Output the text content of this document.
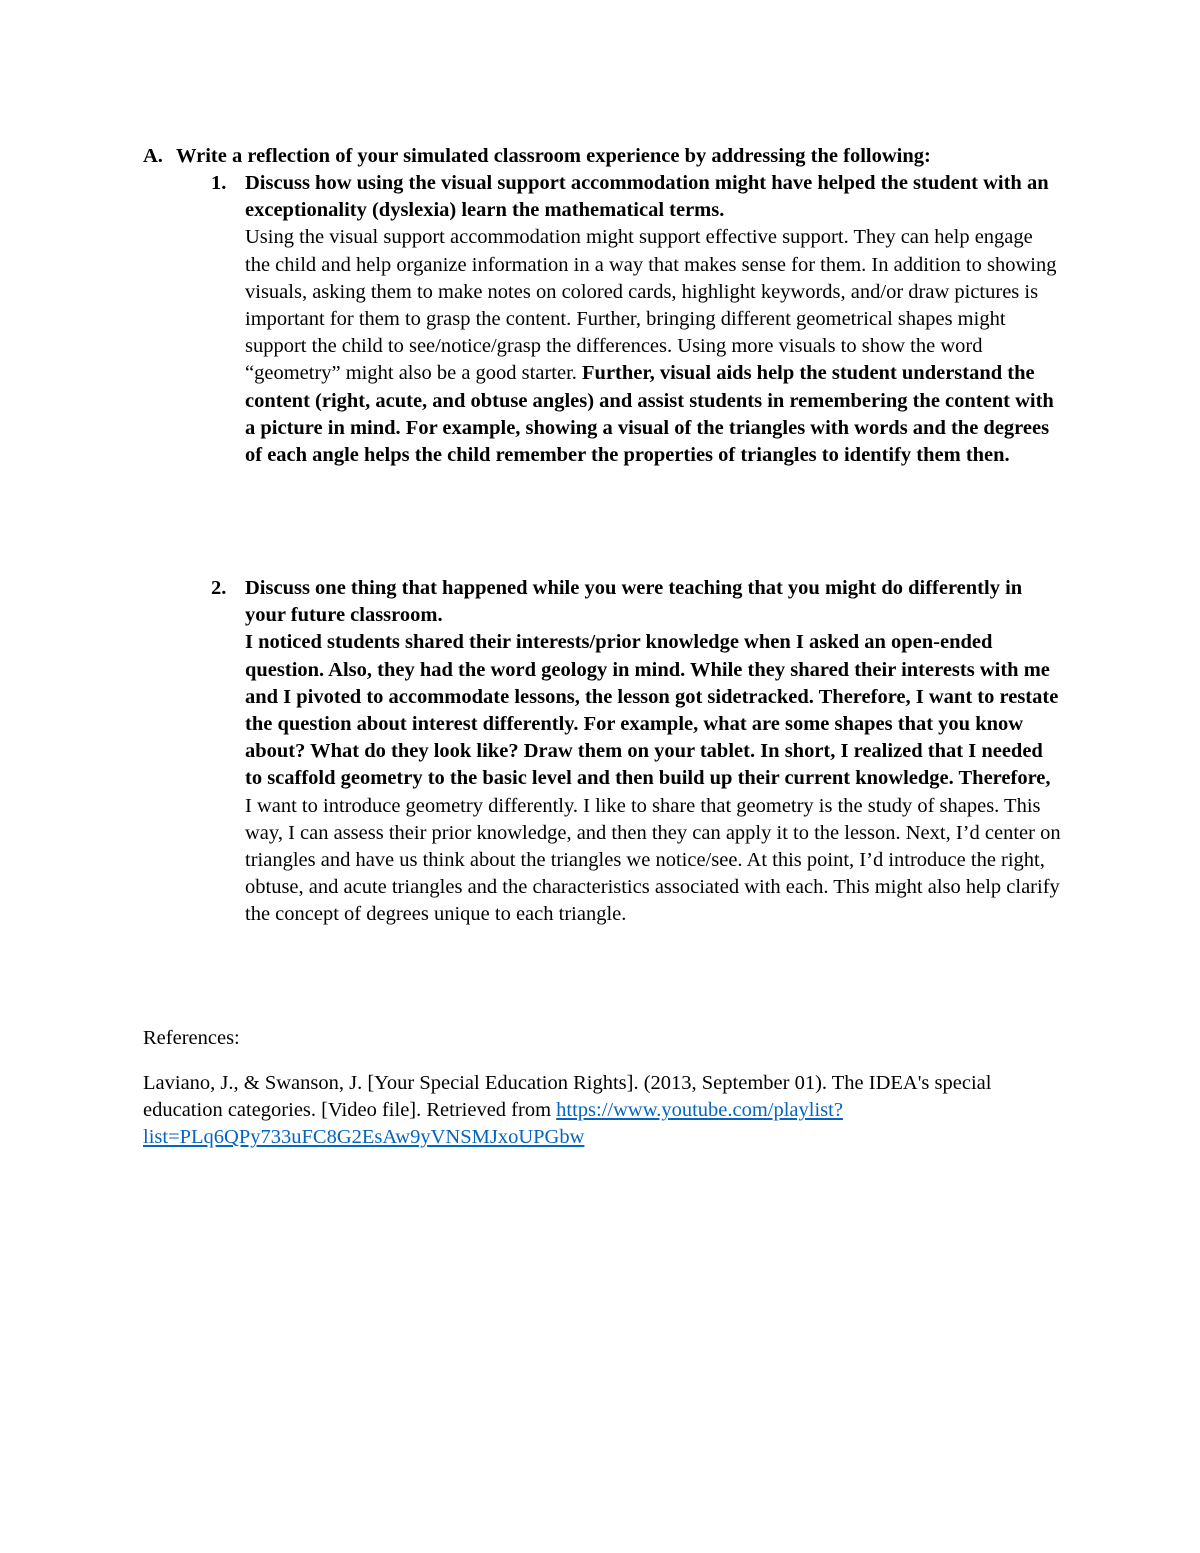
A. Write a reflection of your simulated classroom experience by addressing the following:
1. Discuss how using the visual support accommodation might have helped the student with an exceptionality (dyslexia) learn the mathematical terms.
Using the visual support accommodation might support effective support. They can help engage the child and help organize information in a way that makes sense for them. In addition to showing visuals, asking them to make notes on colored cards, highlight keywords, and/or draw pictures is important for them to grasp the content. Further, bringing different geometrical shapes might support the child to see/notice/grasp the differences. Using more visuals to show the word “geometry” might also be a good starter. Further, visual aids help the student understand the content (right, acute, and obtuse angles) and assist students in remembering the content with a picture in mind. For example, showing a visual of the triangles with words and the degrees of each angle helps the child remember the properties of triangles to identify them then.
2. Discuss one thing that happened while you were teaching that you might do differently in your future classroom.
I noticed students shared their interests/prior knowledge when I asked an open-ended question. Also, they had the word geology in mind. While they shared their interests with me and I pivoted to accommodate lessons, the lesson got sidetracked. Therefore, I want to restate the question about interest differently. For example, what are some shapes that you know about? What do they look like? Draw them on your tablet. In short, I realized that I needed to scaffold geometry to the basic level and then build up their current knowledge. Therefore, I want to introduce geometry differently. I like to share that geometry is the study of shapes. This way, I can assess their prior knowledge, and then they can apply it to the lesson. Next, I’d center on triangles and have us think about the triangles we notice/see. At this point, I’d introduce the right, obtuse, and acute triangles and the characteristics associated with each. This might also help clarify the concept of degrees unique to each triangle.
References:
Laviano, J., & Swanson, J. [Your Special Education Rights]. (2013, September 01). The IDEA's special education categories. [Video file]. Retrieved from https://www.youtube.com/playlist?list=PLq6QPy733uFC8G2EsAw9yVNSMJxoUPGbw
